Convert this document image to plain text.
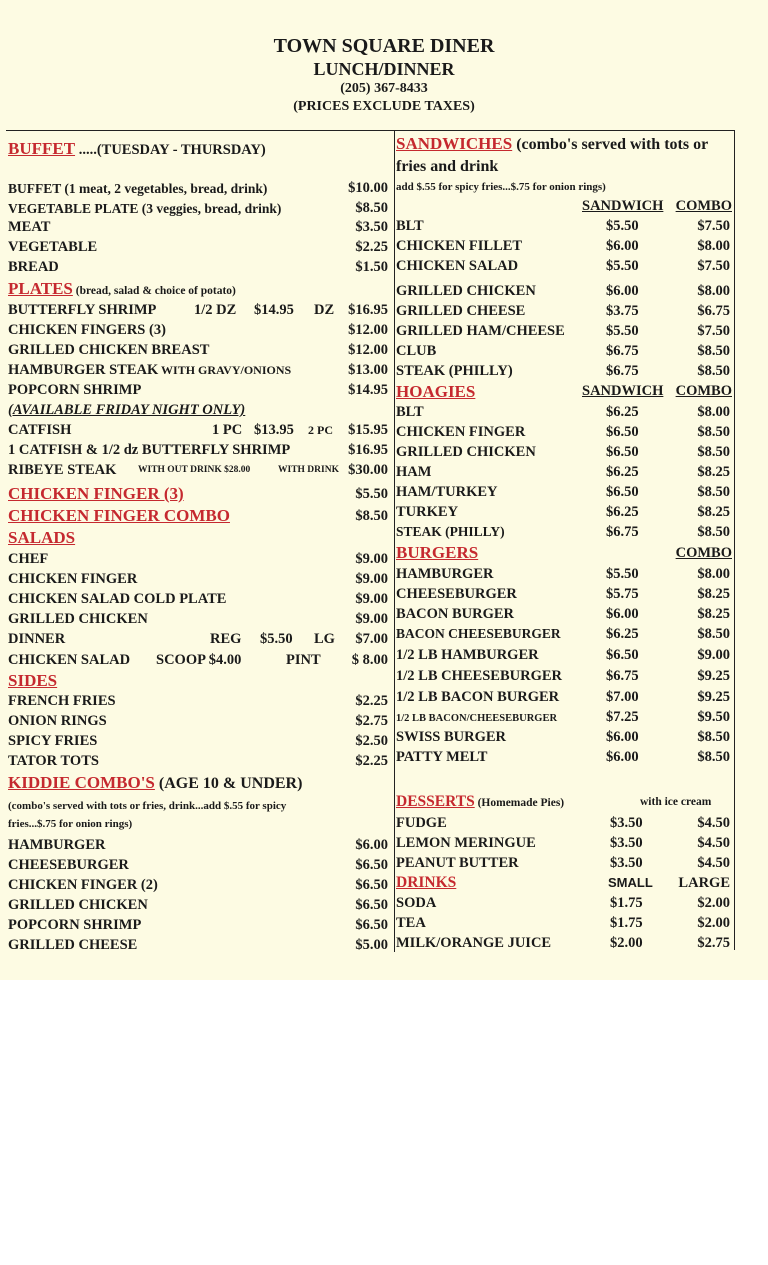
TOWN SQUARE DINER
LUNCH/DINNER
(205) 367-8433
(PRICES EXCLUDE TAXES)
BUFFET .....(TUESDAY - THURSDAY)
BUFFET (1 meat, 2 vegetables, bread, drink)	$10.00
VEGETABLE PLATE (3 veggies, bread, drink)	$8.50
MEAT	$3.50
VEGETABLE	$2.25
BREAD	$1.50
PLATES (bread, salad & choice of potato)
BUTTERFLY SHRIMP	1/2 DZ $14.95 DZ $16.95
CHICKEN FINGERS (3)	$12.00
GRILLED CHICKEN BREAST	$12.00
HAMBURGER STEAK WITH GRAVY/ONIONS	$13.00
POPCORN SHRIMP	$14.95
(AVAILABLE FRIDAY NIGHT ONLY)
CATFISH	1 PC $13.95 2 PC $15.95
1 CATFISH & 1/2 dz BUTTERFLY SHRIMP	$16.95
RIBEYE STEAK WITH OUT DRINK $28.00	WITH DRINK $30.00
CHICKEN FINGER (3)	$5.50
CHICKEN FINGER COMBO	$8.50
SALADS
CHEF	$9.00
CHICKEN FINGER	$9.00
CHICKEN SALAD COLD PLATE	$9.00
GRILLED CHICKEN	$9.00
DINNER	REG $5.50 LG $7.00
CHICKEN SALAD SCOOP $4.00	PINT $ 8.00
SIDES
FRENCH FRIES	$2.25
ONION RINGS	$2.75
SPICY FRIES	$2.50
TATOR TOTS	$2.25
KIDDIE COMBO'S (AGE 10 & UNDER)
(combo's served with tots or fries, drink...add $.55 for spicy
fries...$.75 for onion rings)
HAMBURGER	$6.00
CHEESEBURGER	$6.50
CHICKEN FINGER (2)	$6.50
GRILLED CHICKEN	$6.50
POPCORN SHRIMP	$6.50
GRILLED CHEESE	$5.00
SANDWICHES (combo's served with tots or
fries and drink
add $.55 for spicy fries...$.75 for onion rings)
SANDWICH COMBO
BLT	$5.50	$7.50
CHICKEN FILLET	$6.00	$8.00
CHICKEN SALAD	$5.50	$7.50
GRILLED CHICKEN	$6.00	$8.00
GRILLED CHEESE	$3.75	$6.75
GRILLED HAM/CHEESE	$5.50	$7.50
CLUB	$6.75	$8.50
STEAK (PHILLY)	$6.75	$8.50
HOAGIES	SANDWICH COMBO
BLT	$6.25	$8.00
CHICKEN FINGER	$6.50	$8.50
GRILLED CHICKEN	$6.50	$8.50
HAM	$6.25	$8.25
HAM/TURKEY	$6.50	$8.50
TURKEY	$6.25	$8.25
STEAK (PHILLY)	$6.75	$8.50
BURGERS	COMBO
HAMBURGER	$5.50	$8.00
CHEESEBURGER	$5.75	$8.25
BACON BURGER	$6.00	$8.25
BACON CHEESEBURGER	$6.25	$8.50
1/2 LB HAMBURGER	$6.50	$9.00
1/2 LB CHEESEBURGER	$6.75	$9.25
1/2 LB BACON BURGER	$7.00	$9.25
1/2 LB BACON/CHEESEBURGER	$7.25	$9.50
SWISS BURGER	$6.00	$8.50
PATTY MELT	$6.00	$8.50
DESSERTS (Homemade Pies)	with ice cream
FUDGE	$3.50	$4.50
LEMON MERINGUE	$3.50	$4.50
PEANUT BUTTER	$3.50	$4.50
DRINKS	SMALL LARGE
SODA	$1.75	$2.00
TEA	$1.75	$2.00
MILK/ORANGE JUICE	$2.00	$2.75
